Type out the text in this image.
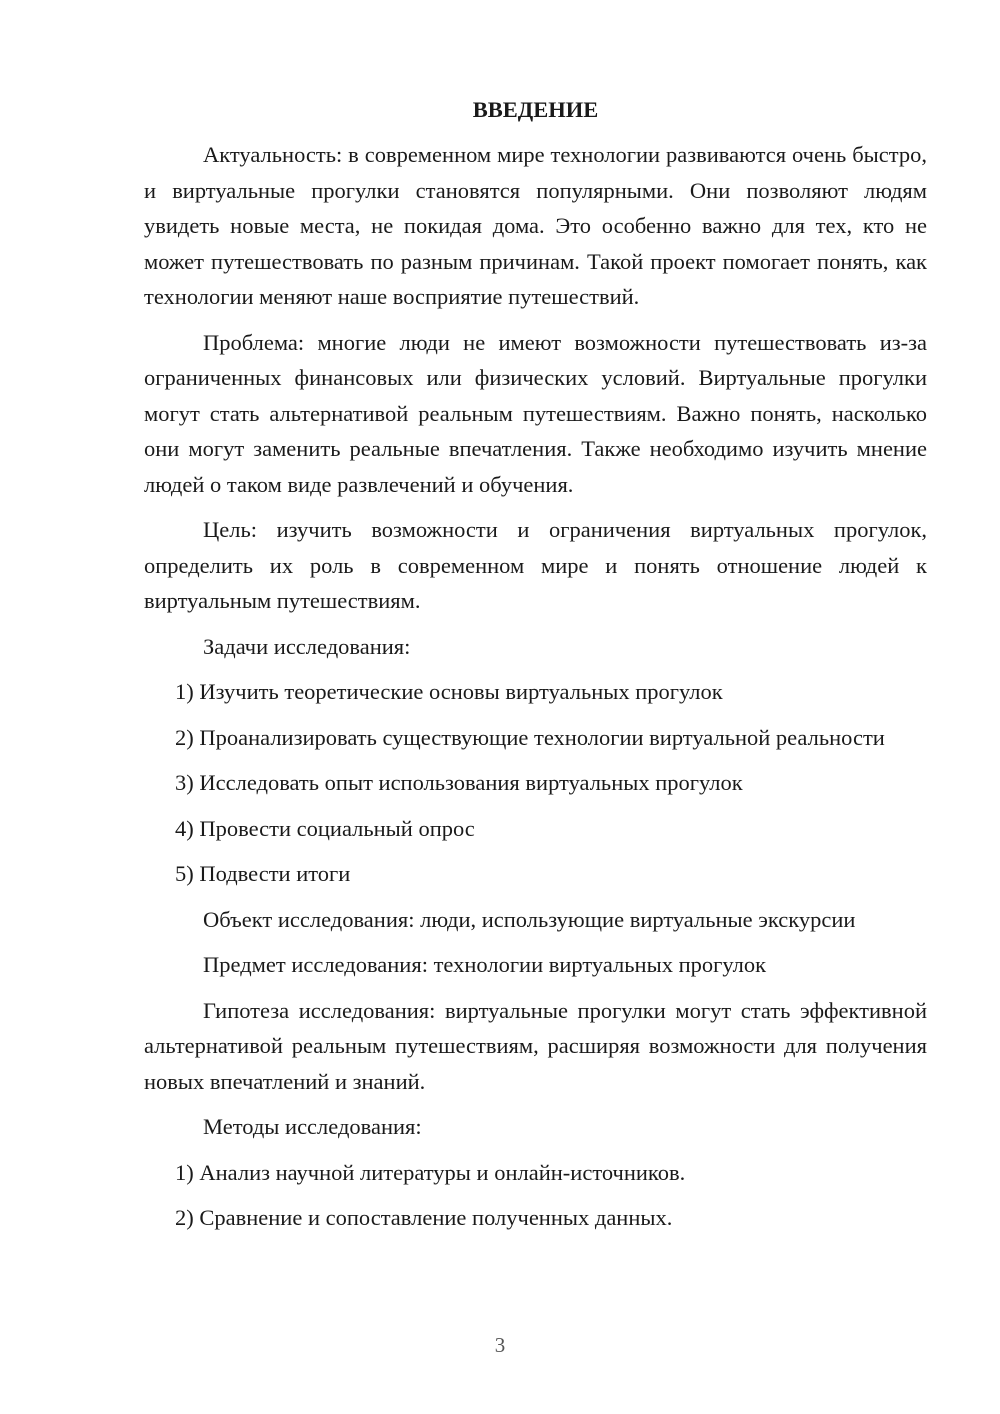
ВВЕДЕНИЕ

Актуальность: в современном мире технологии развиваются очень быстро, и виртуальные прогулки становятся популярными. Они позволяют людям увидеть новые места, не покидая дома. Это особенно важно для тех, кто не может путешествовать по разным причинам. Такой проект помогает понять, как технологии меняют наше восприятие путешествий.

Проблема: многие люди не имеют возможности путешествовать из-за ограниченных финансовых или физических условий. Виртуальные прогулки могут стать альтернативой реальным путешествиям. Важно понять, насколько они могут заменить реальные впечатления. Также необходимо изучить мнение людей о таком виде развлечений и обучения.

Цель: изучить возможности и ограничения виртуальных прогулок, определить их роль в современном мире и понять отношение людей к виртуальным путешествиям.

Задачи исследования:
1) Изучить теоретические основы виртуальных прогулок

2) Проанализировать существующие технологии виртуальной реальности

3) Исследовать опыт использования виртуальных прогулок
4) Провести социальный опрос
5) Подвести итоги
Объект исследования: люди, использующие виртуальные экскурсии
Предмет исследования: технологии виртуальных прогулок

Гипотеза исследования: виртуальные прогулки могут стать эффективной альтернативой реальным путешествиям, расширяя возможности для получения новых впечатлений и знаний.

Методы исследования:
1) Анализ научной литературы и онлайн-источников.
2) Сравнение и сопоставление полученных данных.
3
